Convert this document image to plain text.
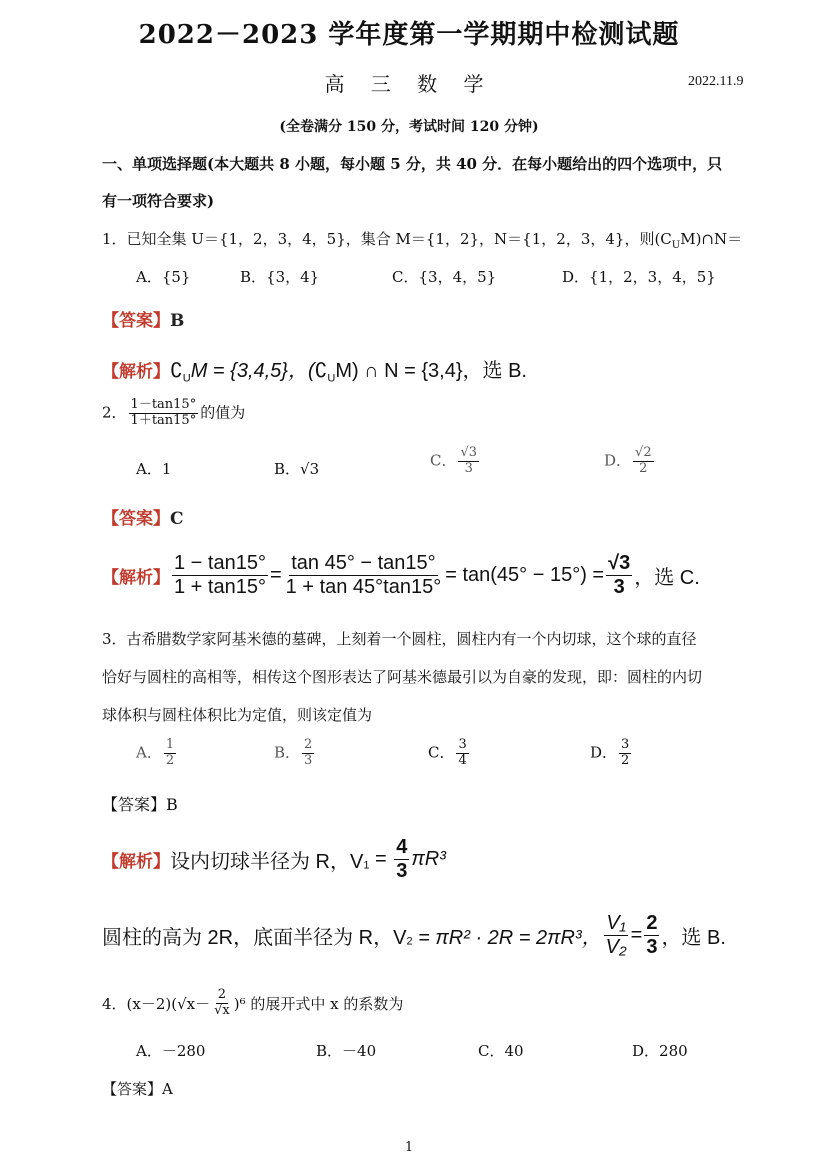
2022－2023 学年度第一学期期中检测试题
高 三 数 学	2022.11.9
(全卷满分 150 分，考试时间 120 分钟)
一、单项选择题(本大题共 8 小题，每小题 5 分，共 40 分．在每小题给出的四个选项中，只
有一项符合要求)
1．已知全集 U＝{1，2，3，4，5}，集合 M＝{1，2}，N＝{1，2，3，4}，则$(C_UM)\cap N=$
A．{5}	B．{3，4}	C．{3，4，5}	D．{1，2，3，4，5}
【答案】B
【解析】$∁_UM = \{3,4,5\}$，$(∁_UM)$ ∩ N = {3,4}，选 B.
2． $\frac{1-\tan 15^\circ}{1+\tan 15^\circ}$ 的值为
A．1	B．√3	C． $\frac{√3}{3}$	D． $\frac{√2}{2}$
【答案】C
【解析】 $\frac{1 - \tan 15^\circ}{1 + \tan 15^\circ} = \frac{\tan 45^\circ - \tan 15^\circ}{1 + \tan 45^\circ\tan 15^\circ} = \tan(45^\circ - 15^\circ) = \frac{√3}{3}$ ，选 C.
3．古希腊数学家阿基米德的墓碑，上刻着一个圆柱，圆柱内有一个内切球，这个球的直径
恰好与圆柱的高相等，相传这个图形表达了阿基米德最引以为自豪的发现，即：圆柱的内切
球体积与圆柱体积比为定值，则该定值为
A． $\frac{1}{2}$	B． $\frac{2}{3}$	C． $\frac{3}{4}$	D． $\frac{3}{2}$
【答案】B
【解析】设内切球半径为 R，$V_1 = \frac{4}{3} \pi R^3$
圆柱的高为 2R，底面半径为 R，$V_2 = \pi R^2 \cdot 2R = 2\pi R^3$， $\frac{\text{V₁}}{\text{V₂}} = \frac{2}{3}$ ，选 B.
4．$(x-2)(√x- \frac{2}{√x} )^6$ 的展开式中 x 的系数为
A．－280	B．－40	C．40	D．280
【答案】A
1
